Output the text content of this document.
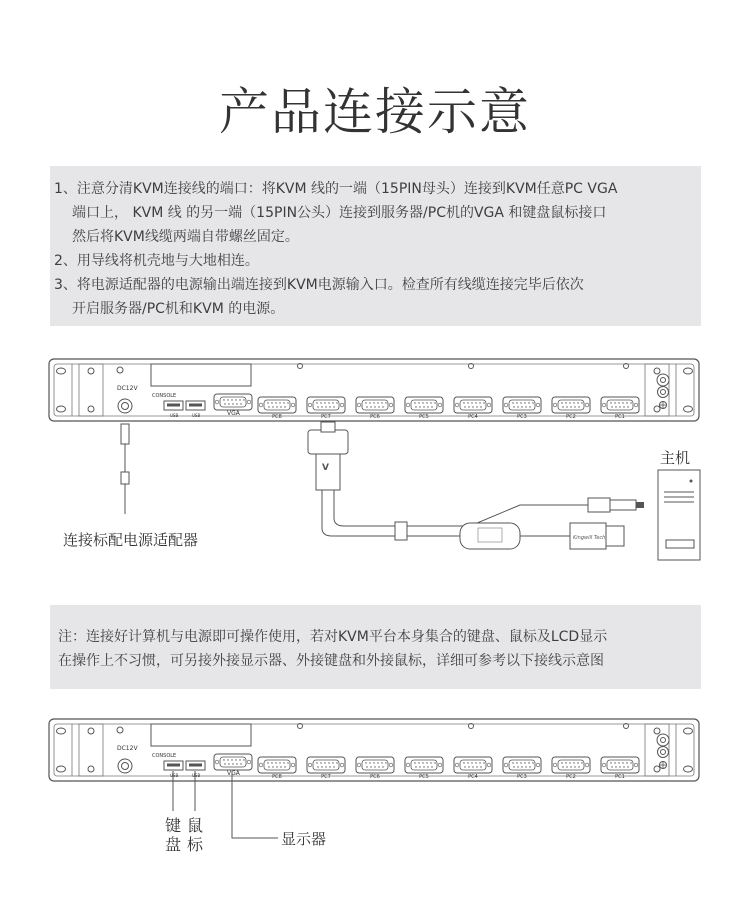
产品连接示意
1、注意分清KVM连接线的端口：将KVM 线的一端（15PIN母头）连接到KVM任意PC VGA
端口上， KVM 线 的另一端（15PIN公头）连接到服务器/PC机的VGA 和键盘鼠标接口
然后将KVM线缆两端自带螺丝固定。
2、用导线将机壳地与大地相连。
3、将电源适配器的电源输出端连接到KVM电源输入口。检查所有线缆连接完毕后依次
开启服务器/PC机和KVM 的电源。
注：连接好计算机与电源即可操作使用，若对KVM平台本身集合的键盘、鼠标及LCD显示
在操作上不习惯，可另接外接显示器、外接键盘和外接鼠标，详细可参考以下接线示意图
DC12V
CONSOLE
USB	USB	VGA	PC8	PC7	PC6	PC5	PC4	PC3	PC2	PC1
连接标配电源适配器
V
Kingwill Tech
主机
DC12V
CONSOLE
USB	USB	VGA	PC8	PC7	PC6	PC5	PC4	PC3	PC2	PC1
键
盘
鼠
标	显示器
